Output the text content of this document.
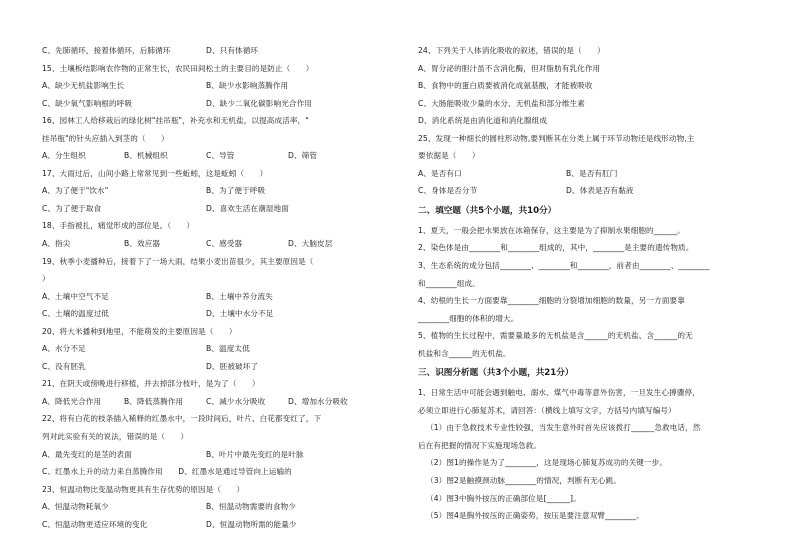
C、先肺循环，接着体循环，后肺循环	D、只有体循环
15、土壤板结影响农作物的正常生长，农民田间松土的主要目的是防止（　　）
A、缺少无机盐影响生长	B、缺少水影响蒸腾作用
C、缺少氧气影响根的呼吸	D、缺少二氧化碳影响光合作用
16、园林工人给移栽后的绿化树"挂吊瓶"，补充水和无机盐，以提高成活率，"
挂吊瓶"的针头应插入到茎的（　　）
A、分生组织	B、机械组织	C、导管	D、筛管
17、大雨过后，山间小路上常常见到一些蚯蚓，这是蚯蚓（　　）
A、为了便于"饮水"	B、为了便于呼吸
C、为了便于取食	D、喜欢生活在潮湿地面
18、手指被扎，痛觉形成的部位是。（　　）
A、指尖	B、效应器	C、感受器	D、大脑皮层
19、秋季小麦播种后，接着下了一场大雨，结果小麦出苗很少，其主要原因是（
）
A、土壤中空气不足	B、土壤中养分流失
C、土壤的温度过低	D、土壤中水分不足
20、将大米播种到地里，不能萌发的主要原因是（　　）
A、水分不足	B、温度太低
C、没有胚乳	D、胚被破坏了
21、在阴天或傍晚进行移植，并去掉部分枝叶，是为了（　　）
A、降低光合作用	B、降低蒸腾作用	C、减少水分吸收	D、增加水分吸收
22、将有白花的枝条插入稀释的红墨水中，一段时间后，叶片、白花都变红了，下
列对此实验有关的说法，错误的是（　　）
A、最先变红的是茎的表面	B、叶片中最先变红的是叶脉
C、红墨水上升的动力来自蒸腾作用　　D、红墨水是通过导管向上运输的
23、恒温动物比变温动物更具有生存优势的原因是（　　）
A、恒温动物耗氧少	B、恒温动物需要的食物少
C、恒温动物更适应环境的变化	D、恒温动物所需的能量少
24、下列关于人体消化吸收的叙述，错误的是（　　）
A、胃分泌的胆汁虽不含消化酶，但对脂肪有乳化作用
B、食物中的蛋白质要被消化成氨基酸，才能被吸收
C、大肠能吸收少量的水分、无机盐和部分维生素
D、消化系统是由消化道和消化腺组成
25、发现一种细长的圆柱形动物,要判断其在分类上属于环节动物还是线形动物,主
要依据是（　　）
A、是否有口	B、是否有肛门
C、身体是否分节	D、体表是否有黏液
二、填空题（共5个小题，共10分）
1、夏天，一般会把水果放在冰箱保存，这主要是为了抑制水果细胞的______。
2、染色体是由________和________组成的，其中，________是主要的遗传物质。
3、生态系统的成分包括________、________和________，前者由________、________
和________组成。
4、幼根的生长一方面要靠________细胞的分裂增加细胞的数量，另一方面要靠
________细胞的体积的增大。
5、植物的生长过程中，需要量最多的无机盐是含______的无机盐、含______的无
机盐和含______的无机盐。
三、识图分析题（共3个小题，共21分）
1、日常生活中可能会遇到触电、溺水、煤气中毒等意外伤害，一旦发生心搏骤停，
必须立即进行心肺复苏术，请回答：（横线上填写文字，方括号内填写编号）
（1）由于急救技术专业性较强，当发生意外时首先应该拨打______急救电话，然
后在有把握的情况下实施现场急救。
（2）图1的操作是为了________，这是现场心肺复苏成功的关键一步。
（3）图2是触摸颈动脉________的情况，判断有无心跳。
（4）图3中胸外按压的正确部位是[______]。
（5）图4是胸外按压的正确姿势，按压是要注意双臂________。
